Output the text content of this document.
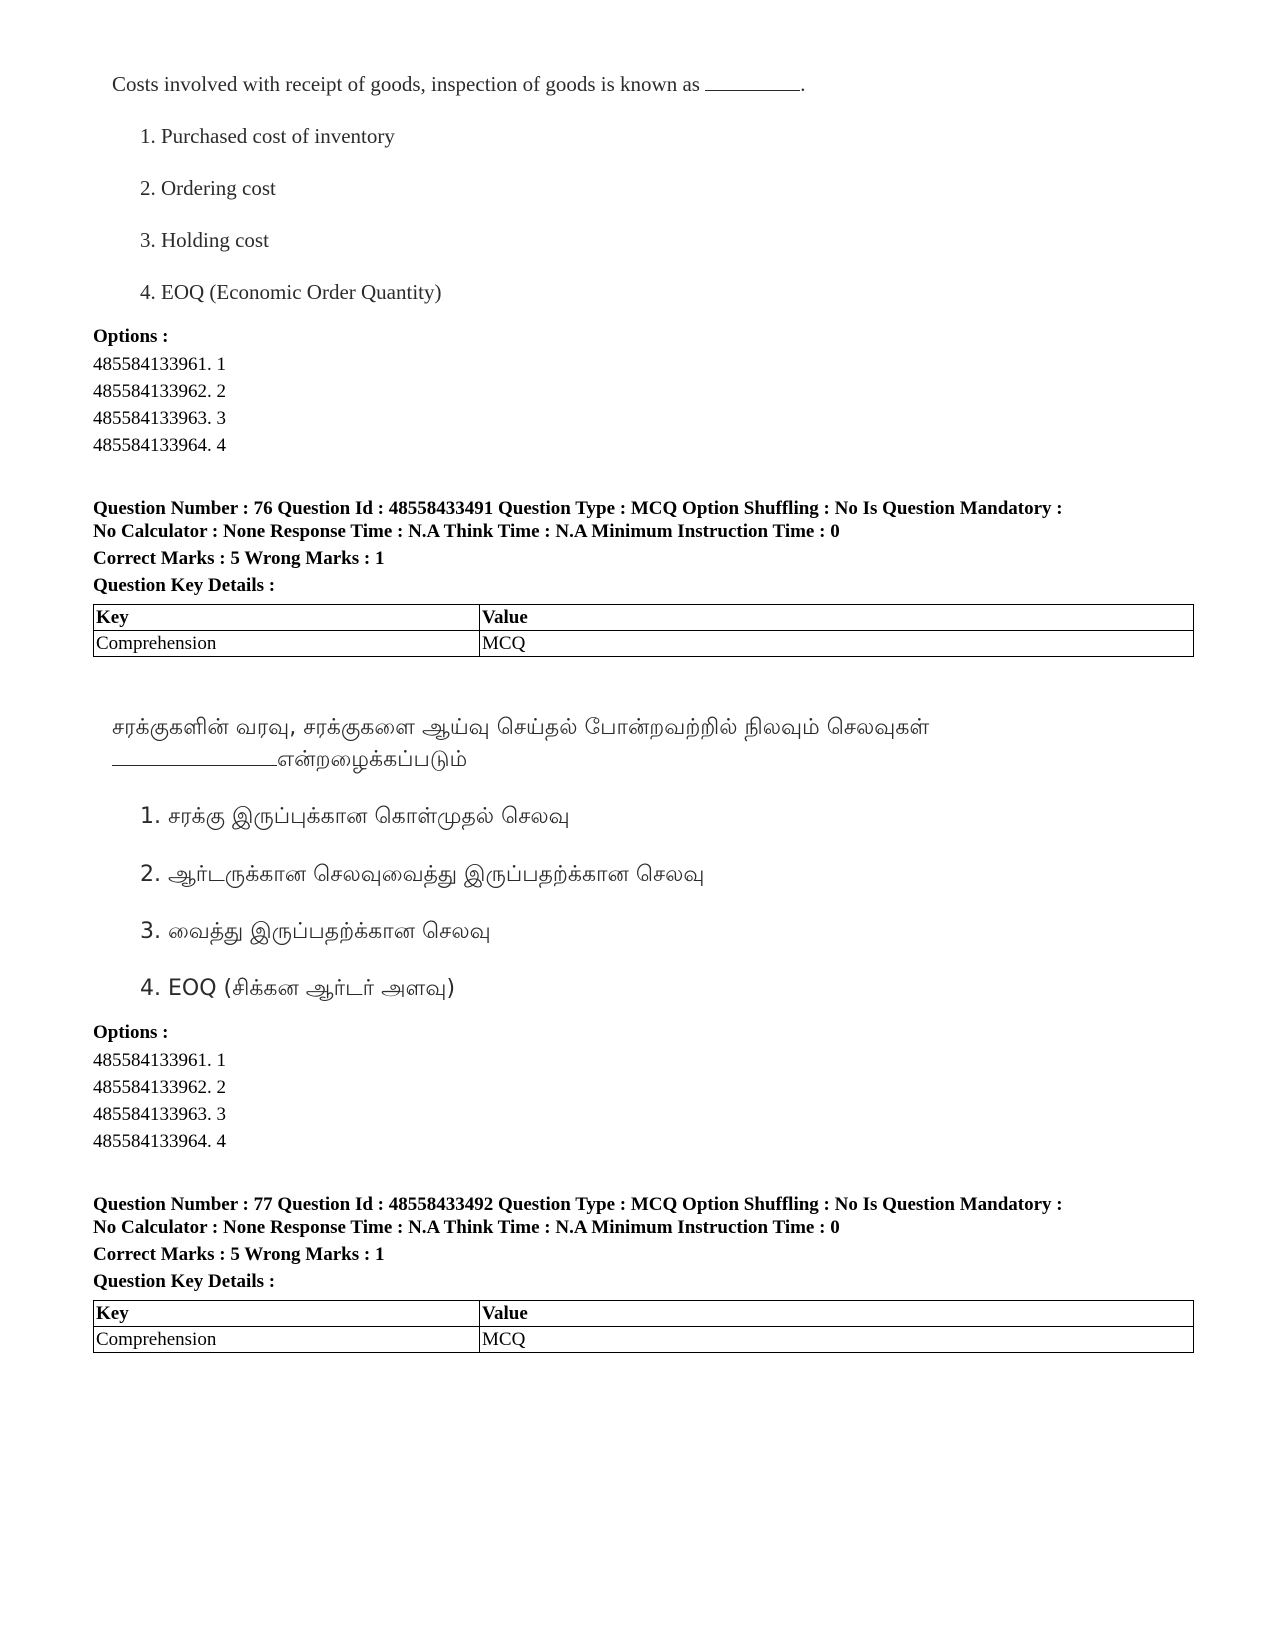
Costs involved with receipt of goods, inspection of goods is known as	.
1. Purchased cost of inventory
2. Ordering cost
3. Holding cost
4. EOQ (Economic Order Quantity)
Options :
485584133961. 1
485584133962. 2
485584133963. 3
485584133964. 4
Question Number : 76 Question Id : 48558433491 Question Type : MCQ Option Shuffling : No Is Question Mandatory :
No Calculator : None Response Time : N.A Think Time : N.A Minimum Instruction Time : 0
Correct Marks : 5 Wrong Marks : 1
Question Key Details :
Key	Value
Comprehension	MCQ
சரக்குகளின் வரவு, சரக்குகளை ஆய்வு செய்தல் போன்றவற்றில் நிலவும் செலவுகள்
என்றழைக்கப்படும்
1. சரக்கு இருப்புக்கான கொள்முதல் செலவு
2. ஆர்டருக்கான செலவுவைத்து இருப்பதற்க்கான செலவு
3. வைத்து இருப்பதற்க்கான செலவு
4. EOQ (சிக்கன ஆர்டர் அளவு)
Options :
485584133961. 1
485584133962. 2
485584133963. 3
485584133964. 4
Question Number : 77 Question Id : 48558433492 Question Type : MCQ Option Shuffling : No Is Question Mandatory :
No Calculator : None Response Time : N.A Think Time : N.A Minimum Instruction Time : 0
Correct Marks : 5 Wrong Marks : 1
Question Key Details :
Key	Value
Comprehension	MCQ
